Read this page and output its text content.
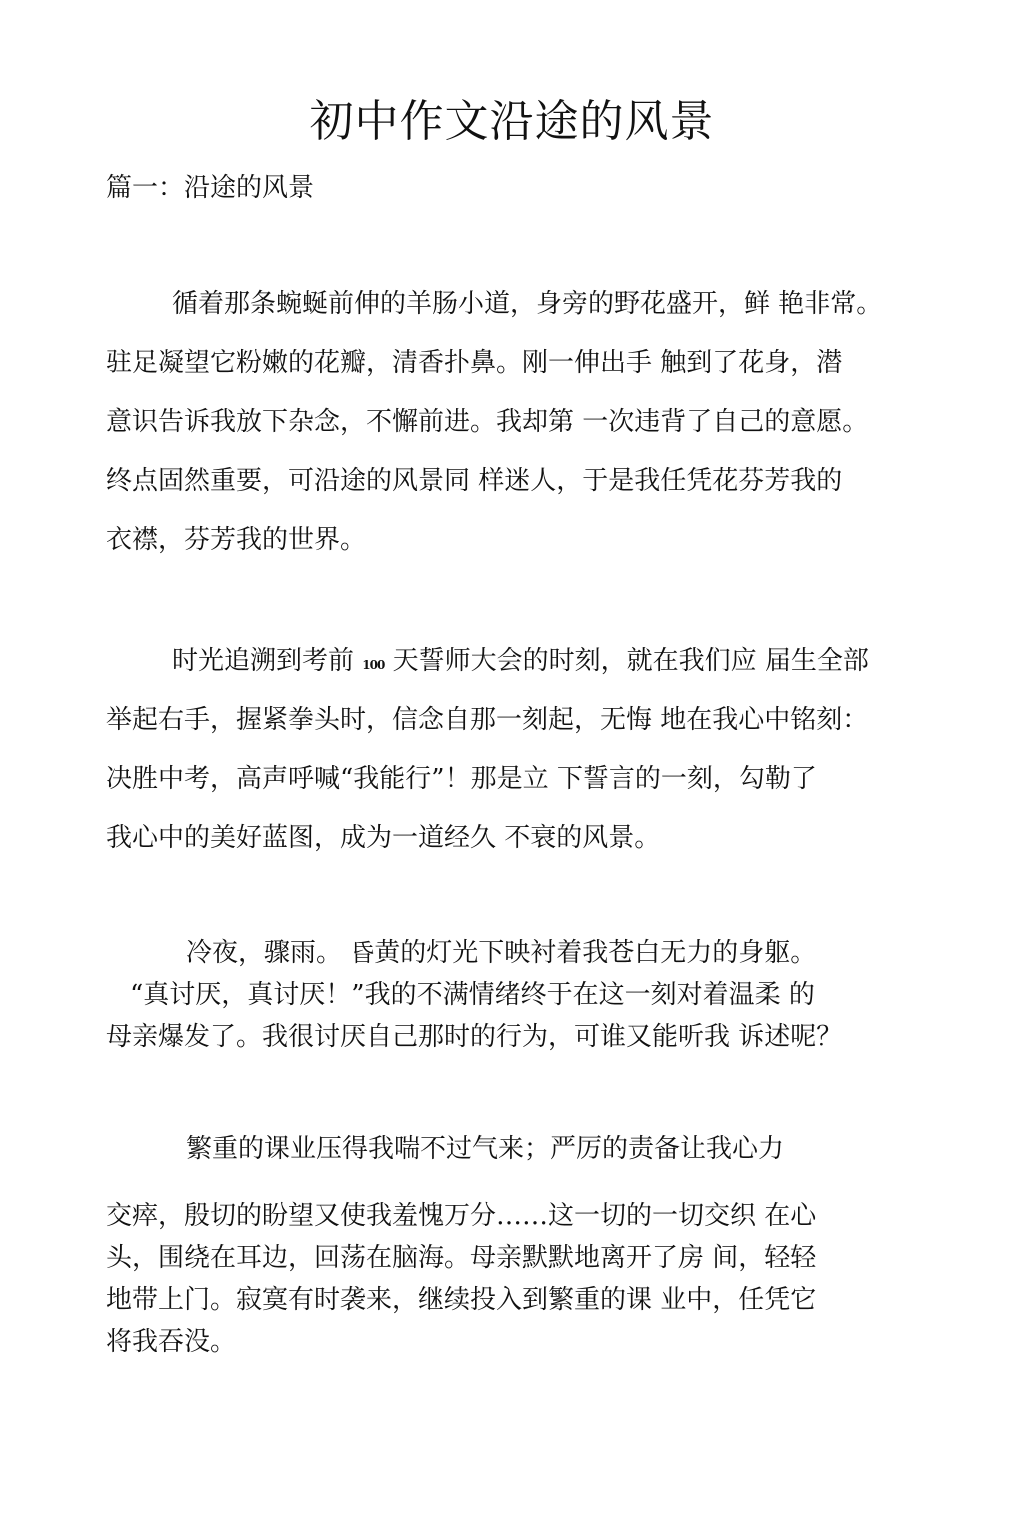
初中作文沿途的风景
篇一：沿途的风景
循着那条蜿蜒前伸的羊肠小道，身旁的野花盛开，鲜 艳非常。
驻足凝望它粉嫩的花瓣，清香扑鼻。刚一伸出手 触到了花身，潜
意识告诉我放下杂念，不懈前进。我却第 一次违背了自己的意愿。
终点固然重要，可沿途的风景同 样迷人，于是我任凭花芬芳我的
衣襟，芬芳我的世界。
时光追溯到考前 100 天誓师大会的时刻，就在我们应 届生全部
举起右手，握紧拳头时，信念自那一刻起，无悔 地在我心中铭刻：
决胜中考，高声呼喊“我能行”！那是立 下誓言的一刻，勾勒了
我心中的美好蓝图，成为一道经久 不衰的风景。
冷夜，骤雨。 昏黄的灯光下映衬着我苍白无力的身躯。
“真讨厌，真讨厌！”我的不满情绪终于在这一刻对着温柔 的
母亲爆发了。我很讨厌自己那时的行为，可谁又能听我 诉述呢？
繁重的课业压得我喘不过气来；严厉的责备让我心力
交瘁，殷切的盼望又使我羞愧万分……这一切的一切交织 在心
头，围绕在耳边，回荡在脑海。母亲默默地离开了房 间，轻轻
地带上门。寂寞有时袭来，继续投入到繁重的课 业中，任凭它
将我吞没。
